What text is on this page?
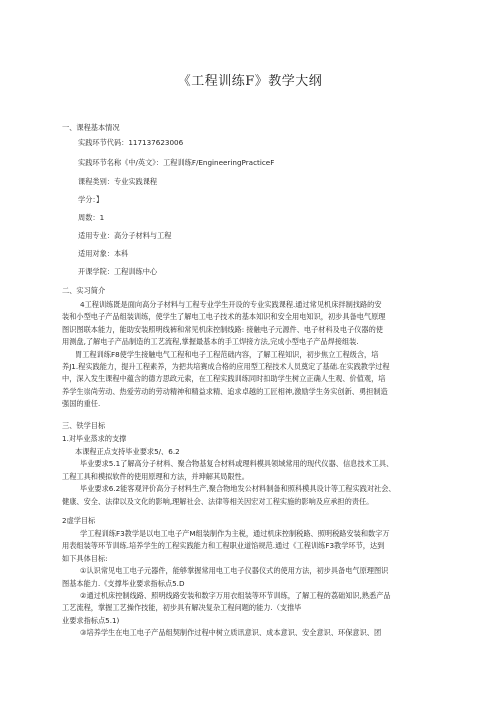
《工程训练F》教学大纲
一、课程基本情况
实践环节代码：117137623006
实践环节名称《中/英文》：工程训练F/EngineeringPracticeF
课程类别：专业实践课程
学分：】
周数：1
适用专业：高分子材料与工程
适用对象：本科
开课学院：工程训练中心
二、实习简介
4工程训练既是面向高分子材料与工程专业学生开设的专业实践课程.通过常见机床拌制找路的安
装和小型电子产品组装训练，使学生了解电工电子技术的基本知识和安全用电知识，初步具备电气原理
图识图联本能力，能助安装照明线裤和常见机床控制线路: 接触电子元源件、电子材科及电子仪器的使
用测盘,了解电子产品制造的工艺流程,掌握最基本的手工焊接方法,完成小型电子产品焊接组装.
胃工程训练F8使学生接触电气工程和电子工程范础内容，了解工程知识，初步焦立工程级含，培
养J1.程实践能力，提升工程素养，为把共培赛成合格的应用型工程技术人员奠定了基础.在实践教学过程
中，深入发生课程中蕴含的德方思政元索，在工程实践训练同时扣助学生树立正确人生观、价值观，培
养学生崇尚劳动、热爱劳动的劳动精神和精益求精、追求卓越的工匠相神,激励学生务实创新、勇担制造
强国的重任.
三、铁学目标
1.对毕业蒸求的支撑
本课程正点支持毕业要求5/、6.2
毕业要求5.1了解高分子材料、聚合物基复合材料或理料模具领域常用的现代仪器、信息技术工具、
工程工具和模拟软件的使用原理和方法，并珅解其局限性。
毕业要求6.2能客观评价高分子材料生产,聚合物地发公材料制备和照科模具设计等工程实践对社会、
健康、安全、法律以及文化的影响,理解社会、法律等相关因宏对工程实施的影响及应承担的责任。
2虚学目标
学工程训练F3教学是以电工电子产M组装制作为主税，通过机床控制税路、照明税路安装和数字万
用表组装等环节训练.培养学生的工程实践能力和工程职业道馅规范.通过《工程训练F3教学环节，达到
如下具体目标:
①认识常见电工电子元器件，能够掌握常用电工电子仪器仪式的使用方法，初步具备电气原理图识
图基本能力.《支撑毕业要求指标点5.D
②通过机床控制线路、照明线路安装和数字万用衣组装等环节训练，了解工程的荔础知识,熟悉产品
工艺流程，掌握工艺操作技能，初步具有解决复杂工程问题的能力.（支推毕
业要求指标点5.1)
③培养学生在电工电子产品组契制作过程中树立质讯意识、成本意识、安全意识、环保意识、团
